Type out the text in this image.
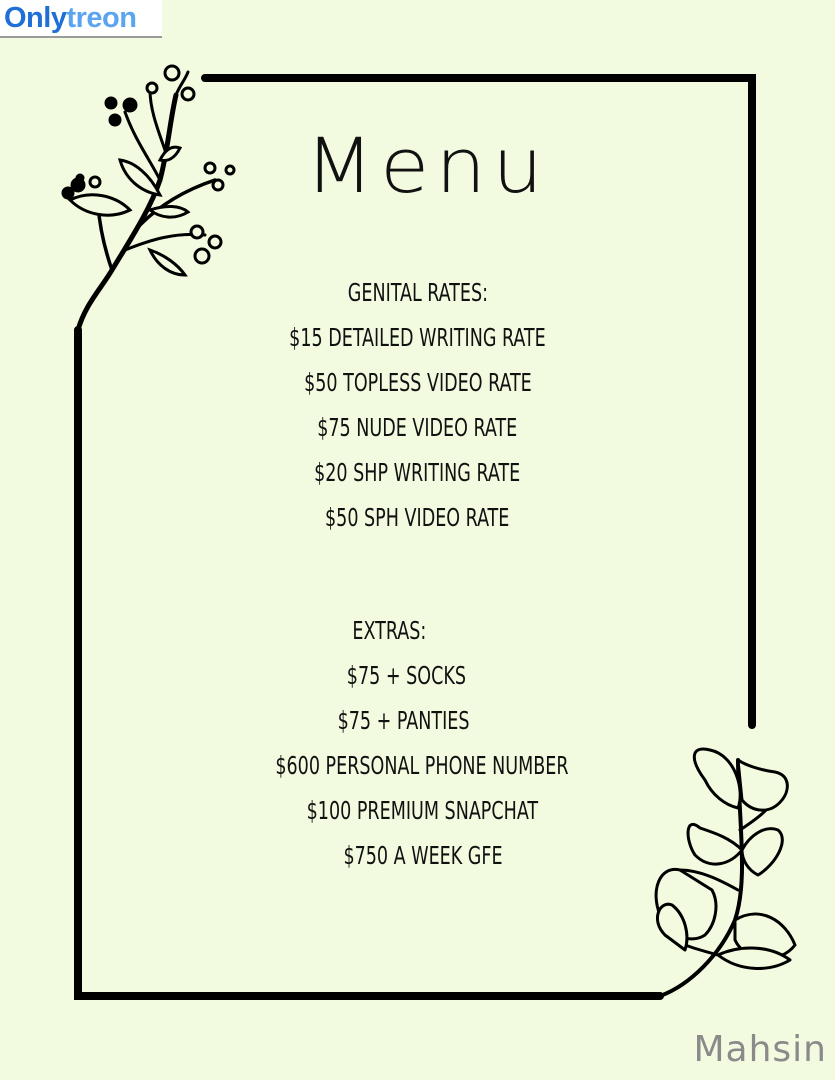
Only treon
Menu
GENITAL RATES:
$15 DETAILED WRITING RATE
$50 TOPLESS VIDEO RATE
$75 NUDE VIDEO RATE
$20 SHP WRITING RATE
$50 SPH VIDEO RATE
EXTRAS:
$75 + SOCKS
$75 + PANTIES
$600 PERSONAL PHONE NUMBER
$100 PREMIUM SNAPCHAT
$750 A WEEK GFE
Mahsin
